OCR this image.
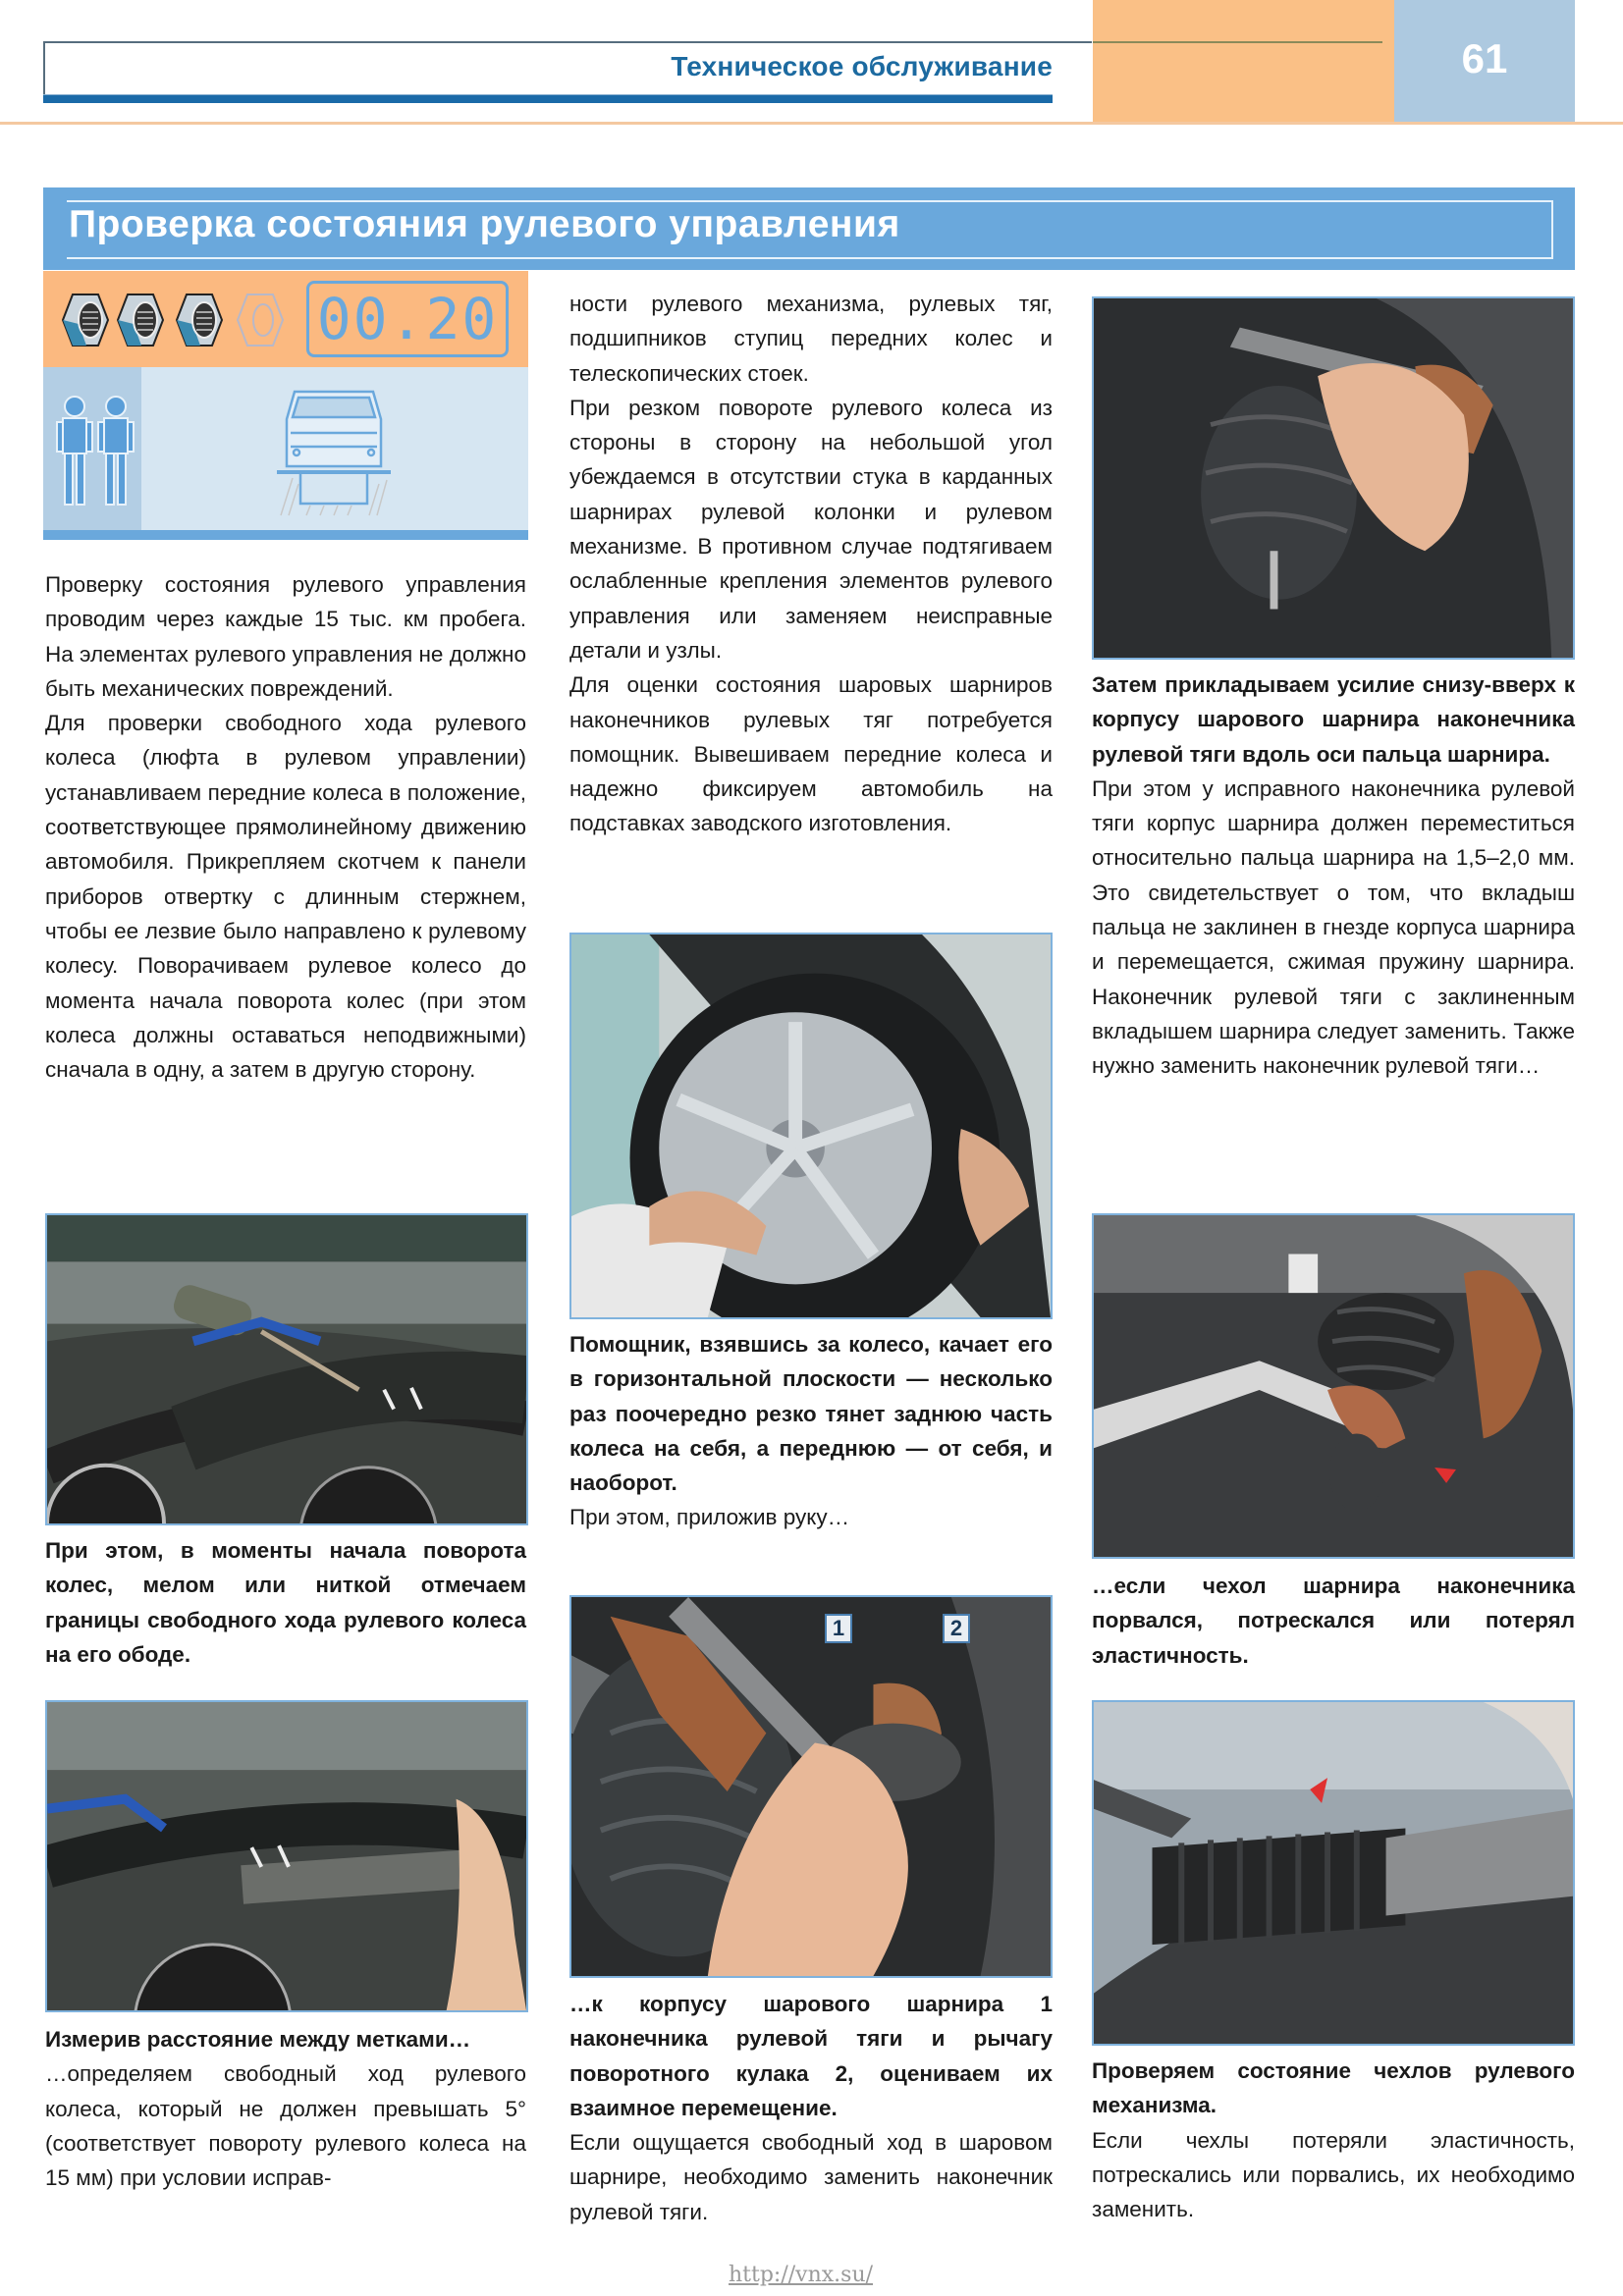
61
Техническое обслуживание
Проверка состояния рулевого управления
00.20

Проверку состояния рулевого управления проводим через каждые 15 тыс. км пробега. На элементах рулевого управления не должно быть механических повреждений.

Для проверки свободного хода рулевого колеса (люфта в рулевом управлении) устанавливаем передние колеса в положение, соответствующее прямолинейному движению автомобиля. Прикрепляем скотчем к панели приборов отвертку с длинным стержнем, чтобы ее лезвие было направлено к рулевому колесу. Поворачиваем рулевое колесо до момента начала поворота колес (при этом колеса должны оставаться неподвижными) сначала в одну, а затем в другую сторону.

При этом, в моменты начала поворота колес, мелом или ниткой отмечаем границы свободного хода рулевого колеса на его ободе.

Измерив расстояние между метками…

…определяем свободный ход рулевого колеса, который не должен превышать 5° (соответствует повороту рулевого колеса на 15 мм) при условии исправ-

ности рулевого механизма, рулевых тяг, подшипников ступиц передних колес и телескопических стоек.

При резком повороте рулевого колеса из стороны в сторону на небольшой угол убеждаемся в отсутствии стука в карданных шарнирах рулевой колонки и рулевом механизме. В противном случае подтягиваем ослабленные крепления элементов рулевого управления или заменяем неисправные детали и узлы.

Для оценки состояния шаровых шарниров наконечников рулевых тяг потребуется помощник. Вывешиваем передние колеса и надежно фиксируем автомобиль на подставках заводского изготовления.

Помощник, взявшись за колесо, качает его в горизонтальной плоскости — несколько раз поочередно резко тянет заднюю часть колеса на себя, а переднюю — от себя, и наоборот.

При этом, приложив руку…

1	2

…к корпусу шарового шарнира 1 наконечника рулевой тяги и рычагу поворотного кулака 2, оцениваем их взаимное перемещение.

Если ощущается свободный ход в шаровом шарнире, необходимо заменить наконечник рулевой тяги.

Затем прикладываем усилие снизу-вверх к корпусу шарового шарнира наконечника рулевой тяги вдоль оси пальца шарнира.

При этом у исправного наконечника рулевой тяги корпус шарнира должен переместиться относительно пальца шарнира на 1,5–2,0 мм. Это свидетельствует о том, что вкладыш пальца не заклинен в гнезде корпуса шарнира и перемещается, сжимая пружину шарнира. Наконечник рулевой тяги с заклиненным вкладышем шарнира следует заменить. Также нужно заменить наконечник рулевой тяги…

…если чехол шарнира наконечника порвался, потрескался или потерял эластичность.

Проверяем состояние чехлов рулевого механизма.

Если чехлы потеряли эластичность, потрескались или порвались, их необходимо заменить.

http://vnx.su/
